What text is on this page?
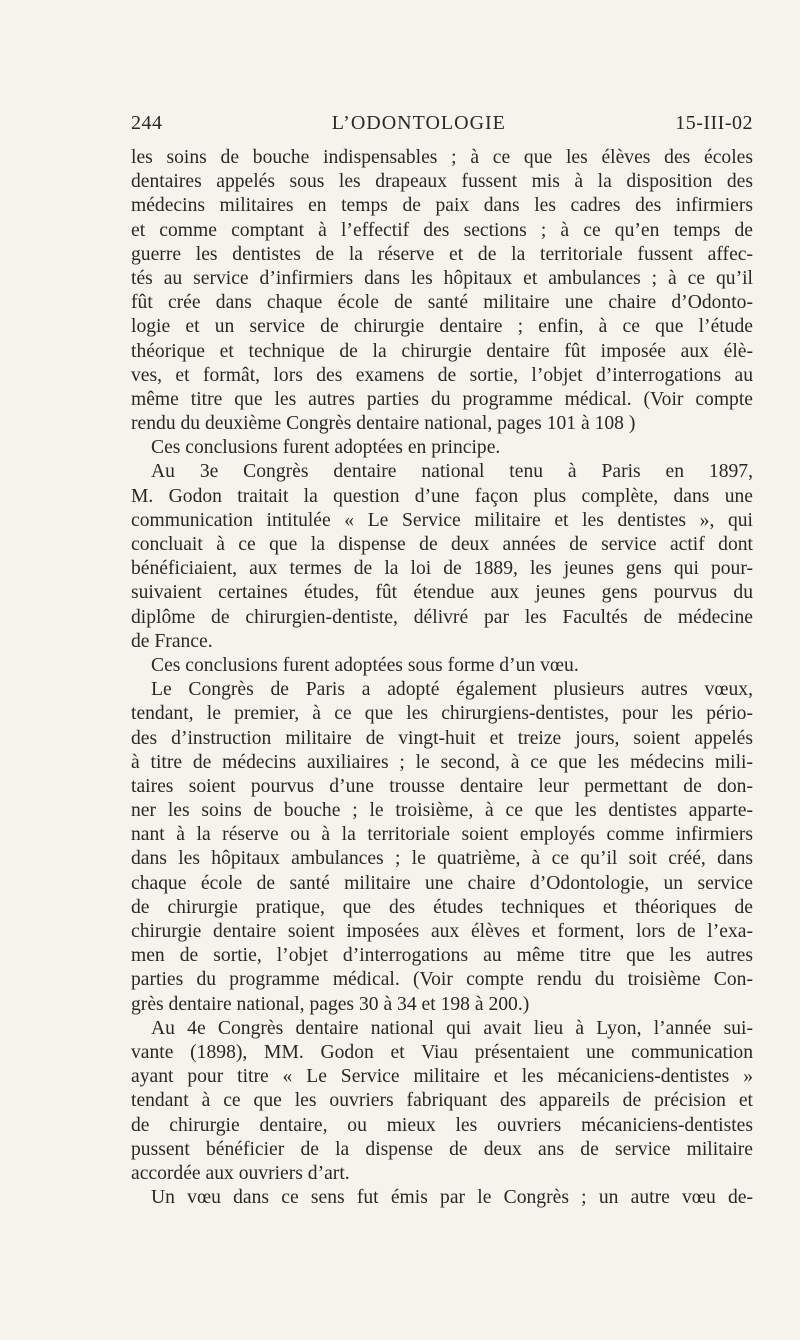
244	L’ODONTOLOGIE	15-III-02
les soins de bouche indispensables ; à ce que les élèves des écoles
dentaires appelés sous les drapeaux fussent mis à la disposition des
médecins militaires en temps de paix dans les cadres des infirmiers
et comme comptant à l’effectif des sections ; à ce qu’en temps de
guerre les dentistes de la réserve et de la territoriale fussent affec-
tés au service d’infirmiers dans les hôpitaux et ambulances ; à ce qu’il
fût crée dans chaque école de santé militaire une chaire d’Odonto-
logie et un service de chirurgie dentaire ; enfin, à ce que l’étude
théorique et technique de la chirurgie dentaire fût imposée aux élè-
ves, et formât, lors des examens de sortie, l’objet d’interrogations au
même titre que les autres parties du programme médical. (Voir compte
rendu du deuxième Congrès dentaire national, pages 101 à 108 )
Ces conclusions furent adoptées en principe.
Au 3e Congrès dentaire national tenu à Paris en 1897,
M. Godon traitait la question d’une façon plus complète, dans une
communication intitulée « Le Service militaire et les dentistes », qui
concluait à ce que la dispense de deux années de service actif dont
bénéficiaient, aux termes de la loi de 1889, les jeunes gens qui pour-
suivaient certaines études, fût étendue aux jeunes gens pourvus du
diplôme de chirurgien-dentiste, délivré par les Facultés de médecine
de France.
Ces conclusions furent adoptées sous forme d’un vœu.
Le Congrès de Paris a adopté également plusieurs autres vœux,
tendant, le premier, à ce que les chirurgiens-dentistes, pour les pério-
des d’instruction militaire de vingt-huit et treize jours, soient appelés
à titre de médecins auxiliaires ; le second, à ce que les médecins mili-
taires soient pourvus d’une trousse dentaire leur permettant de don-
ner les soins de bouche ; le troisième, à ce que les dentistes apparte-
nant à la réserve ou à la territoriale soient employés comme infirmiers
dans les hôpitaux ambulances ; le quatrième, à ce qu’il soit créé, dans
chaque école de santé militaire une chaire d’Odontologie, un service
de chirurgie pratique, que des études techniques et théoriques de
chirurgie dentaire soient imposées aux élèves et forment, lors de l’exa-
men de sortie, l’objet d’interrogations au même titre que les autres
parties du programme médical. (Voir compte rendu du troisième Con-
grès dentaire national, pages 30 à 34 et 198 à 200.)
Au 4e Congrès dentaire national qui avait lieu à Lyon, l’année sui-
vante (1898), MM. Godon et Viau présentaient une communication
ayant pour titre « Le Service militaire et les mécaniciens-dentistes »
tendant à ce que les ouvriers fabriquant des appareils de précision et
de chirurgie dentaire, ou mieux les ouvriers mécaniciens-dentistes
pussent bénéficier de la dispense de deux ans de service militaire
accordée aux ouvriers d’art.
Un vœu dans ce sens fut émis par le Congrès ; un autre vœu de-
